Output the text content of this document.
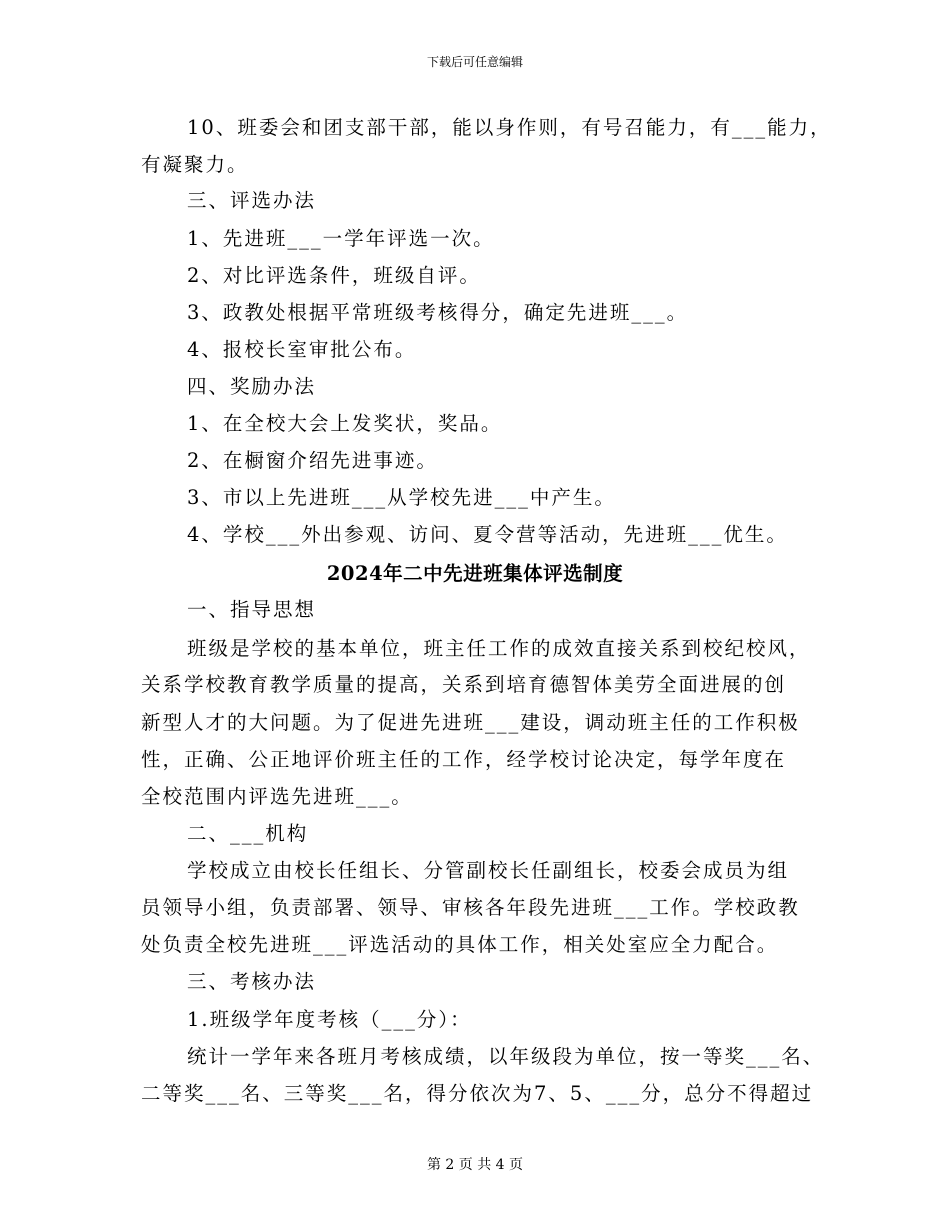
下载后可任意编辑
10、班委会和团支部干部，能以身作则，有号召能力，有___能力，
有凝聚力。
三、评选办法
1、先进班___一学年评选一次。
2、对比评选条件，班级自评。
3、政教处根据平常班级考核得分，确定先进班___。
4、报校长室审批公布。
四、奖励办法
1、在全校大会上发奖状，奖品。
2、在橱窗介绍先进事迹。
3、市以上先进班___从学校先进___中产生。
4、学校___外出参观、访问、夏令营等活动，先进班___优生。
2024年二中先进班集体评选制度
一、指导思想
班级是学校的基本单位，班主任工作的成效直接关系到校纪校风，
关系学校教育教学质量的提高，关系到培育德智体美劳全面进展的创
新型人才的大问题。为了促进先进班___建设，调动班主任的工作积极
性，正确、公正地评价班主任的工作，经学校讨论决定，每学年度在
全校范围内评选先进班___。
二、___机构
学校成立由校长任组长、分管副校长任副组长，校委会成员为组
员领导小组，负责部署、领导、审核各年段先进班___工作。学校政教
处负责全校先进班___评选活动的具体工作，相关处室应全力配合。
三、考核办法
1.班级学年度考核（___分）：
统计一学年来各班月考核成绩，以年级段为单位，按一等奖___名、
二等奖___名、三等奖___名，得分依次为7、5、___分，总分不得超过
第 2 页 共 4 页
